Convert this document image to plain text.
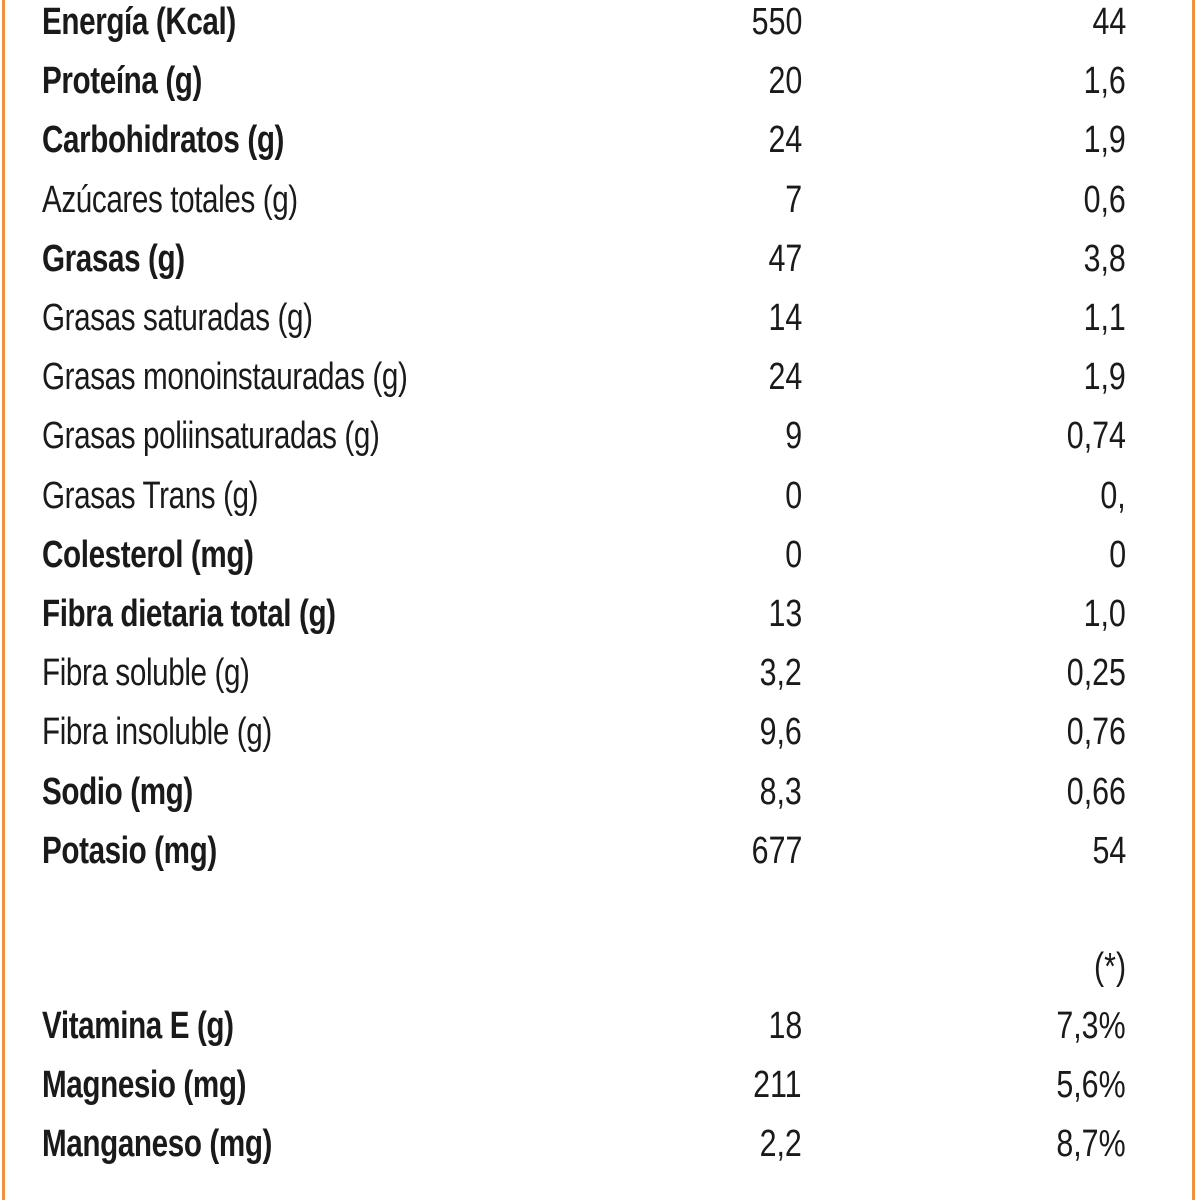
Energía (Kcal)	550	44
Proteína (g)	20	1,6
Carbohidratos (g)	24	1,9
Azúcares totales (g)	7	0,6
Grasas (g)	47	3,8
Grasas saturadas (g)	14	1,1
Grasas monoinstauradas (g)	24	1,9
Grasas poliinsaturadas (g)	9	0,74
Grasas Trans (g)	0	0,
Colesterol (mg)	0	0
Fibra dietaria total (g)	13	1,0
Fibra soluble (g)	3,2	0,25
Fibra insoluble (g)	9,6	0,76
Sodio (mg)	8,3	0,66
Potasio (mg)	677	54
Vitamina E (g)	18	7,3%
Magnesio (mg)	211	5,6%
Manganeso (mg)	2,2	8,7%
(*)
